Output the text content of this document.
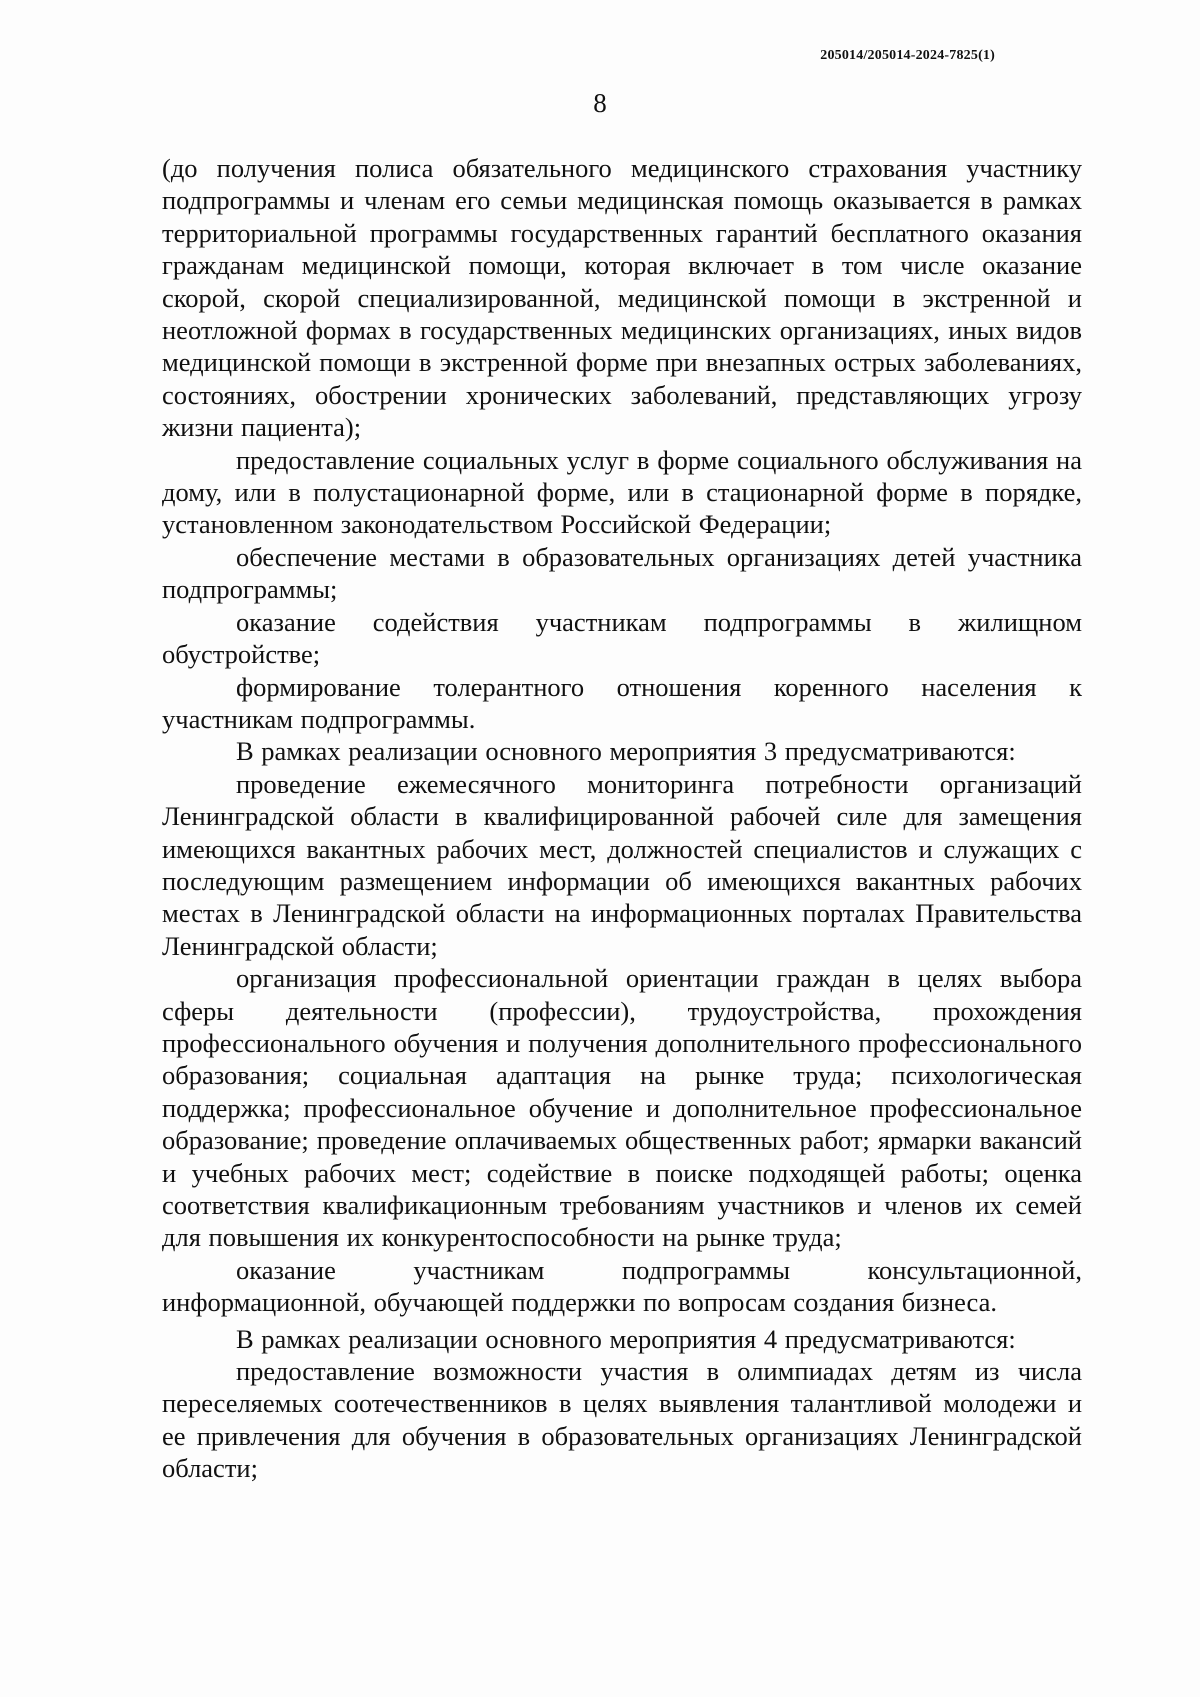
205014/205014-2024-7825(1)
8

(до получения полиса обязательного медицинского страхования участнику подпрограммы и членам его семьи медицинская помощь оказывается в рамках территориальной программы государственных гарантий бесплатного оказания гражданам медицинской помощи, которая включает в том числе оказание скорой, скорой специализированной, медицинской помощи в экстренной и неотложной формах в государственных медицинских организациях, иных видов медицинской помощи в экстренной форме при внезапных острых заболеваниях, состояниях, обострении хронических заболеваний, представляющих угрозу жизни пациента);

предоставление социальных услуг в форме социального обслуживания на дому, или в полустационарной форме, или в стационарной форме в порядке, установленном законодательством Российской Федерации;

обеспечение местами в образовательных организациях детей участника подпрограммы;

оказание содействия участникам подпрограммы в жилищном обустройстве;

формирование толерантного отношения коренного населения к участникам подпрограммы.

В рамках реализации основного мероприятия 3 предусматриваются:

проведение ежемесячного мониторинга потребности организаций Ленинградской области в квалифицированной рабочей силе для замещения имеющихся вакантных рабочих мест, должностей специалистов и служащих с последующим размещением информации об имеющихся вакантных рабочих местах в Ленинградской области на информационных порталах Правительства Ленинградской области;

организация профессиональной ориентации граждан в целях выбора сферы деятельности (профессии), трудоустройства, прохождения профессионального обучения и получения дополнительного профессионального образования; социальная адаптация на рынке труда; психологическая поддержка; профессиональное обучение и дополнительное профессиональное образование; проведение оплачиваемых общественных работ; ярмарки вакансий и учебных рабочих мест; содействие в поиске подходящей работы; оценка соответствия квалификационным требованиям участников и членов их семей для повышения их конкурентоспособности на рынке труда;

оказание участникам подпрограммы консультационной, информационной, обучающей поддержки по вопросам создания бизнеса.

В рамках реализации основного мероприятия 4 предусматриваются:

предоставление возможности участия в олимпиадах детям из числа переселяемых соотечественников в целях выявления талантливой молодежи и ее привлечения для обучения в образовательных организациях Ленинградской области;
